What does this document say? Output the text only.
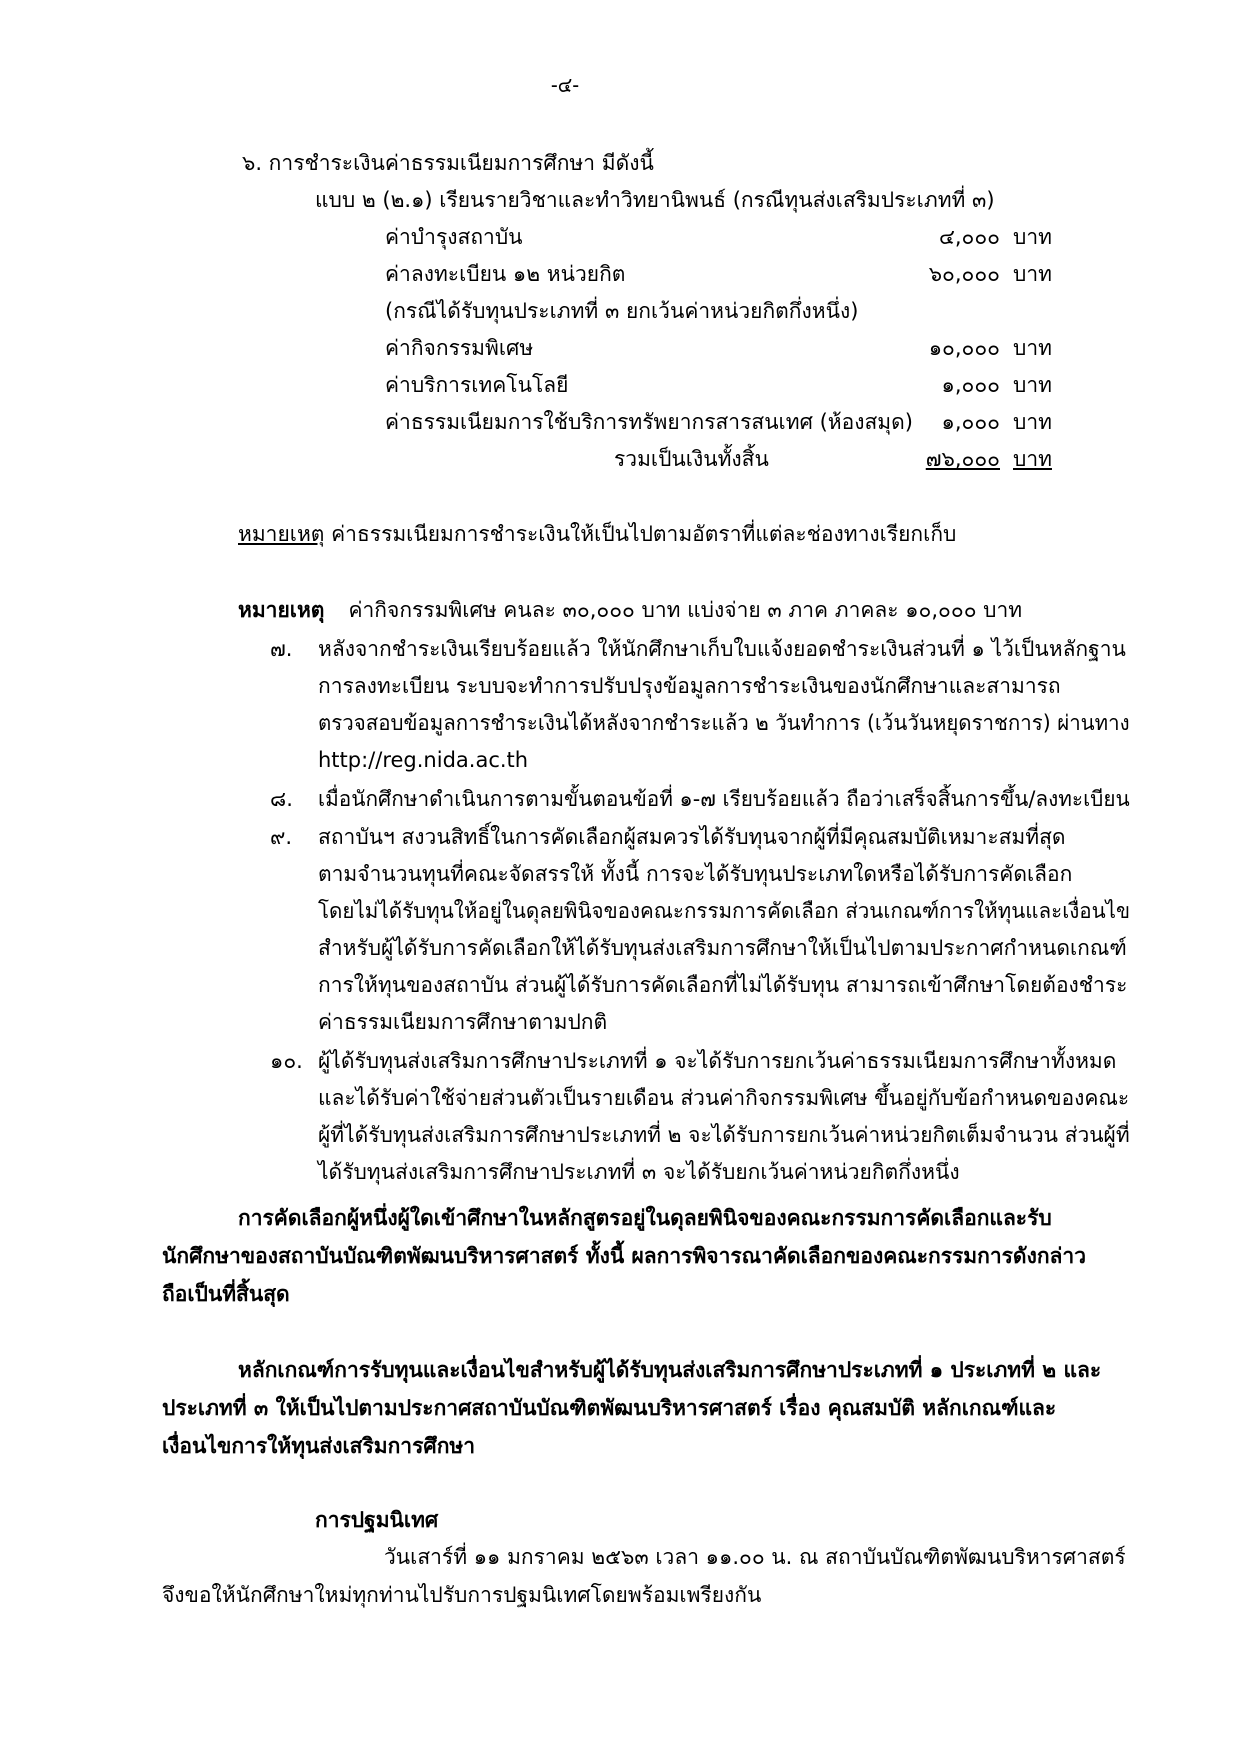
-๔-
๖. การชำระเงินค่าธรรมเนียมการศึกษา มีดังนี้
แบบ ๒ (๒.๑) เรียนรายวิชาและทำวิทยานิพนธ์ (กรณีทุนส่งเสริมประเภทที่ ๓)
ค่าบำรุงสถาบัน	๔,๐๐๐ บาท
ค่าลงทะเบียน ๑๒ หน่วยกิต	๖๐,๐๐๐ บาท
(กรณีได้รับทุนประเภทที่ ๓ ยกเว้นค่าหน่วยกิตกึ่งหนึ่ง)
ค่ากิจกรรมพิเศษ	๑๐,๐๐๐ บาท
ค่าบริการเทคโนโลยี	๑,๐๐๐ บาท
ค่าธรรมเนียมการใช้บริการทรัพยากรสารสนเทศ (ห้องสมุด)	๑,๐๐๐ บาท
รวมเป็นเงินทั้งสิ้น	๗๖,๐๐๐ บาท
หมายเหตุ ค่าธรรมเนียมการชำระเงินให้เป็นไปตามอัตราที่แต่ละช่องทางเรียกเก็บ
หมายเหตุ ค่ากิจกรรมพิเศษ คนละ ๓๐,๐๐๐ บาท แบ่งจ่าย ๓ ภาค ภาคละ ๑๐,๐๐๐ บาท
๗. หลังจากชำระเงินเรียบร้อยแล้ว ให้นักศึกษาเก็บใบแจ้งยอดชำระเงินส่วนที่ ๑ ไว้เป็นหลักฐาน
การลงทะเบียน ระบบจะทำการปรับปรุงข้อมูลการชำระเงินของนักศึกษาและสามารถ
ตรวจสอบข้อมูลการชำระเงินได้หลังจากชำระแล้ว ๒ วันทำการ (เว้นวันหยุดราชการ) ผ่านทาง
http://reg.nida.ac.th
๘. เมื่อนักศึกษาดำเนินการตามขั้นตอนข้อที่ ๑-๗ เรียบร้อยแล้ว ถือว่าเสร็จสิ้นการขึ้น/ลงทะเบียน
๙. สถาบันฯ สงวนสิทธิ์ในการคัดเลือกผู้สมควรได้รับทุนจากผู้ที่มีคุณสมบัติเหมาะสมที่สุด
ตามจำนวนทุนที่คณะจัดสรรให้ ทั้งนี้ การจะได้รับทุนประเภทใดหรือได้รับการคัดเลือก
โดยไม่ได้รับทุนให้อยู่ในดุลยพินิจของคณะกรรมการคัดเลือก ส่วนเกณฑ์การให้ทุนและเงื่อนไข
สำหรับผู้ได้รับการคัดเลือกให้ได้รับทุนส่งเสริมการศึกษาให้เป็นไปตามประกาศกำหนดเกณฑ์
การให้ทุนของสถาบัน ส่วนผู้ได้รับการคัดเลือกที่ไม่ได้รับทุน สามารถเข้าศึกษาโดยต้องชำระ
ค่าธรรมเนียมการศึกษาตามปกติ
๑๐. ผู้ได้รับทุนส่งเสริมการศึกษาประเภทที่ ๑ จะได้รับการยกเว้นค่าธรรมเนียมการศึกษาทั้งหมด
และได้รับค่าใช้จ่ายส่วนตัวเป็นรายเดือน ส่วนค่ากิจกรรมพิเศษ ขึ้นอยู่กับข้อกำหนดของคณะ
ผู้ที่ได้รับทุนส่งเสริมการศึกษาประเภทที่ ๒ จะได้รับการยกเว้นค่าหน่วยกิตเต็มจำนวน ส่วนผู้ที่
ได้รับทุนส่งเสริมการศึกษาประเภทที่ ๓ จะได้รับยกเว้นค่าหน่วยกิตกึ่งหนึ่ง
การคัดเลือกผู้หนึ่งผู้ใดเข้าศึกษาในหลักสูตรอยู่ในดุลยพินิจของคณะกรรมการคัดเลือกและรับ
นักศึกษาของสถาบันบัณฑิตพัฒนบริหารศาสตร์ ทั้งนี้ ผลการพิจารณาคัดเลือกของคณะกรรมการดังกล่าว
ถือเป็นที่สิ้นสุด
หลักเกณฑ์การรับทุนและเงื่อนไขสำหรับผู้ได้รับทุนส่งเสริมการศึกษาประเภทที่ ๑ ประเภทที่ ๒ และ
ประเภทที่ ๓ ให้เป็นไปตามประกาศสถาบันบัณฑิตพัฒนบริหารศาสตร์ เรื่อง คุณสมบัติ หลักเกณฑ์และ
เงื่อนไขการให้ทุนส่งเสริมการศึกษา
การปฐมนิเทศ
วันเสาร์ที่ ๑๑ มกราคม ๒๕๖๓ เวลา ๑๑.๐๐ น. ณ สถาบันบัณฑิตพัฒนบริหารศาสตร์
จึงขอให้นักศึกษาใหม่ทุกท่านไปรับการปฐมนิเทศโดยพร้อมเพรียงกัน
